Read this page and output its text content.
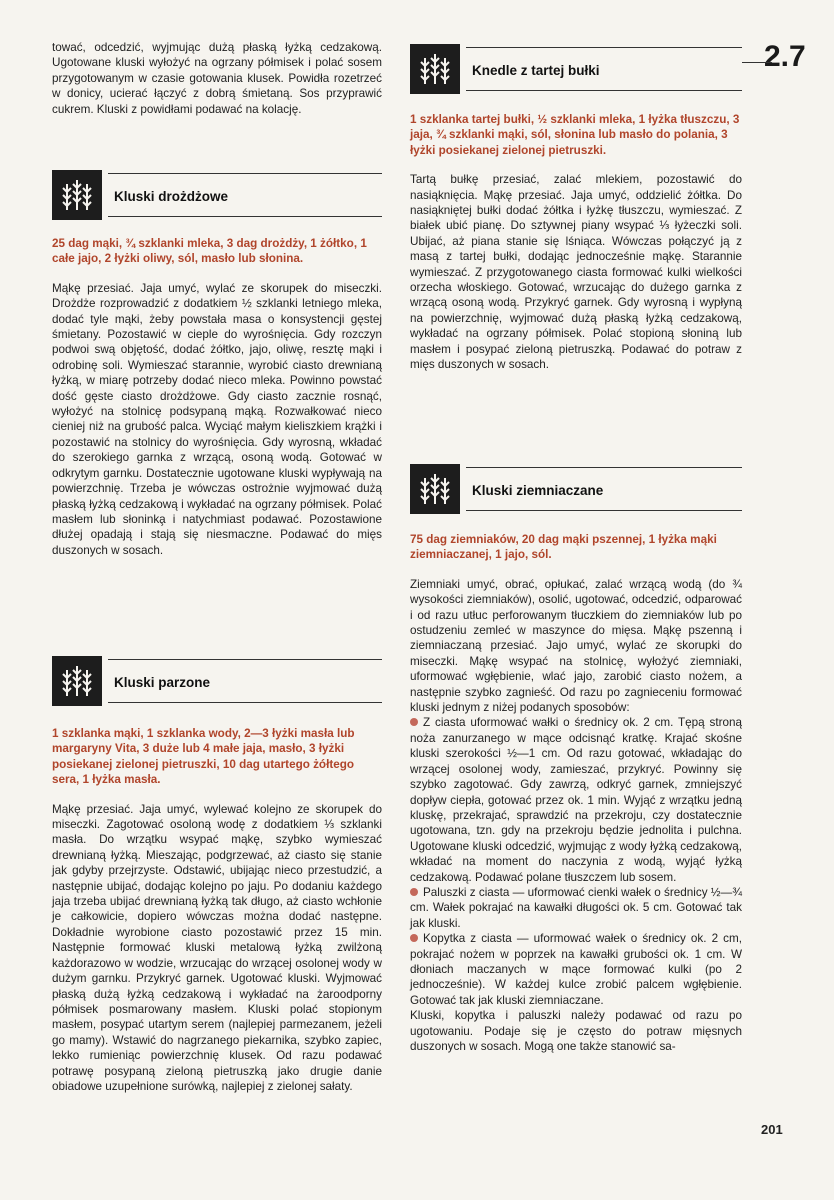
2.7

tować, odcedzić, wyjmując dużą płaską łyżką cedzakową. Ugotowane kluski wyłożyć na ogrzany półmisek i polać sosem przygotowanym w czasie gotowania klusek. Powidła rozetrzeć w donicy, ucierać łączyć z dobrą śmietaną. Sos przyprawić cukrem. Kluski z powidłami podawać na kolację.

Kluski drożdżowe

25 dag mąki, ¾ szklanki mleka, 3 dag drożdży, 1 żółtko, 1 całe jajo, 2 łyżki oliwy, sól, masło lub słonina.

Mąkę przesiać. Jaja umyć, wylać ze skorupek do miseczki. Drożdże rozprowadzić z dodatkiem ½ szklanki letniego mleka, dodać tyle mąki, żeby powstała masa o konsystencji gęstej śmietany. Pozostawić w cieple do wyrośnięcia. Gdy rozczyn podwoi swą objętość, dodać żółtko, jajo, oliwę, resztę mąki i odrobinę soli. Wymieszać starannie, wyrobić ciasto drewnianą łyżką, w miarę potrzeby dodać nieco mleka. Powinno powstać dość gęste ciasto drożdżowe. Gdy ciasto zacznie rosnąć, wyłożyć na stolnicę podsypaną mąką. Rozwałkować nieco cieniej niż na grubość palca. Wyciąć małym kieliszkiem krążki i pozostawić na stolnicy do wyrośnięcia. Gdy wyrosną, wkładać do szerokiego garnka z wrzącą, osoną wodą. Gotować w odkrytym garnku. Dostatecznie ugotowane kluski wypływają na powierzchnię. Trzeba je wówczas ostrożnie wyjmować dużą płaską łyżką cedzakową i wykładać na ogrzany półmisek. Polać masłem lub słoninka̧ i natychmiast podawać. Pozostawione dłużej opadają i stają się niesmaczne. Podawać do mięs duszonych w sosach.

Kluski parzone

1 szklanka mąki, 1 szklanka wody, 2—3 łyżki masła lub margaryny Vita, 3 duże lub 4 małe jaja, masło, 3 łyżki posiekanej zielonej pietruszki, 10 dag utartego żółtego sera, 1 łyżka masła.

Mąkę przesiać. Jaja umyć, wylewać kolejno ze skorupek do miseczki. Zagotować osoloną wodę z dodatkiem ⅓ szklanki masła. Do wrzątku wsypać mąkę, szybko wymieszać drewnianą łyżką. Mieszając, podgrzewać, aż ciasto się stanie jak gdyby przejrzyste. Odstawić, ubijając nieco przestudzić, a następnie ubijać, dodając kolejno po jaju. Po dodaniu każdego jaja trzeba ubijać drewnianą łyżką tak długo, aż ciasto wchłonie je całkowicie, dopiero wówczas można dodać następne. Dokładnie wyrobione ciasto pozostawić przez 15 min. Następnie formować kluski metalową łyżką zwilżoną każdorazowo w wodzie, wrzucając do wrzącej osolonej wody w dużym garnku. Przykryć garnek. Ugotować kluski. Wyjmować płaską dużą łyżką cedzakową i wykładać na żaroodporny półmisek posmarowany masłem. Kluski polać stopionym masłem, posypać utartym serem (najlepiej parmezanem, jeżeli go mamy). Wstawić do nagrzanego piekarnika, szybko zapiec, lekko rumieniąc powierzchnię klusek. Od razu podawać potrawę posypaną zieloną pietruszką jako drugie danie obiadowe uzupełnione surówką, najlepiej z zielonej sałaty.

Knedle z tartej bułki

1 szklanka tartej bułki, ½ szklanki mleka, 1 łyżka tłuszczu, 3 jaja, ¾ szklanki mąki, sól, słonina lub masło do polania, 3 łyżki posiekanej zielonej pietruszki.

Tartą bułkę przesiać, zalać mlekiem, pozostawić do nasiąknięcia. Mąkę przesiać. Jaja umyć, oddzielić żółtka. Do nasiąkniętej bułki dodać żółtka i łyżkę tłuszczu, wymieszać. Z białek ubić pianę. Do sztywnej piany wsypać ⅓ łyżeczki soli. Ubijać, aż piana stanie się lśniąca. Wówczas połączyć ją z masą z tartej bułki, dodając jednocześnie mąkę. Starannie wymieszać. Z przygotowanego ciasta formować kulki wielkości orzecha włoskiego. Gotować, wrzucając do dużego garnka z wrzącą osoną wodą. Przykryć garnek. Gdy wyrosną i wypłyną na powierzchnię, wyjmować dużą płaską łyżką cedzakową, wykładać na ogrzany półmisek. Polać stopioną słoniną lub masłem i posypać zieloną pietruszką. Podawać do potraw z mięs duszonych w sosach.

Kluski ziemniaczane

75 dag ziemniaków, 20 dag mąki pszennej, 1 łyżka mąki ziemniaczanej, 1 jajo, sól.

Ziemniaki umyć, obrać, opłukać, zalać wrzącą wodą (do ¾ wysokości ziemniaków), osolić, ugotować, odcedzić, odparować i od razu utłuc perforowanym tłuczkiem do ziemniaków lub po ostudzeniu zemleć w maszynce do mięsa. Mąkę pszenną i ziemniaczaną przesiać. Jajo umyć, wylać ze skorupki do miseczki. Mąkę wsypać na stolnicę, wyłożyć ziemniaki, uformować wgłębienie, wlać jajo, zarobić ciasto nożem, a następnie szybko zagnieść. Od razu po zagnieceniu formować kluski jednym z niżej podanych sposobów:

Z ciasta uformować wałki o średnicy ok. 2 cm. Tępą stroną noża zanurzanego w mące odcisnąć kratkę. Krajać skośne kluski szerokości ½—1 cm. Od razu gotować, wkładając do wrzącej osolonej wody, zamieszać, przykryć. Powinny się szybko zagotować. Gdy zawrzą, odkryć garnek, zmniejszyć dopływ ciepła, gotować przez ok. 1 min. Wyjąć z wrzątku jedną kluskę, przekrajać, sprawdzić na przekroju, czy dostatecznie ugotowana, tzn. gdy na przekroju będzie jednolita i pulchna. Ugotowane kluski odcedzić, wyjmując z wody łyżką cedzakową, wkładać na moment do naczynia z wodą, wyjąć łyżką cedzakową. Podawać polane tłuszczem lub sosem.

Paluszki z ciasta — uformować cienki wałek o średnicy ½—¾ cm. Wałek pokrajać na kawałki długości ok. 5 cm. Gotować tak jak kluski.

Kopytka z ciasta — uformować wałek o średnicy ok. 2 cm, pokrajać nożem w poprzek na kawałki grubości ok. 1 cm. W dłoniach maczanych w mące formować kulki (po 2 jednocześnie). W każdej kulce zrobić palcem wgłębienie. Gotować tak jak kluski ziemniaczane.

Kluski, kopytka i paluszki należy podawać od razu po ugotowaniu. Podaje się je często do potraw mięsnych duszonych w sosach. Mogą one także stanowić sa-

201
